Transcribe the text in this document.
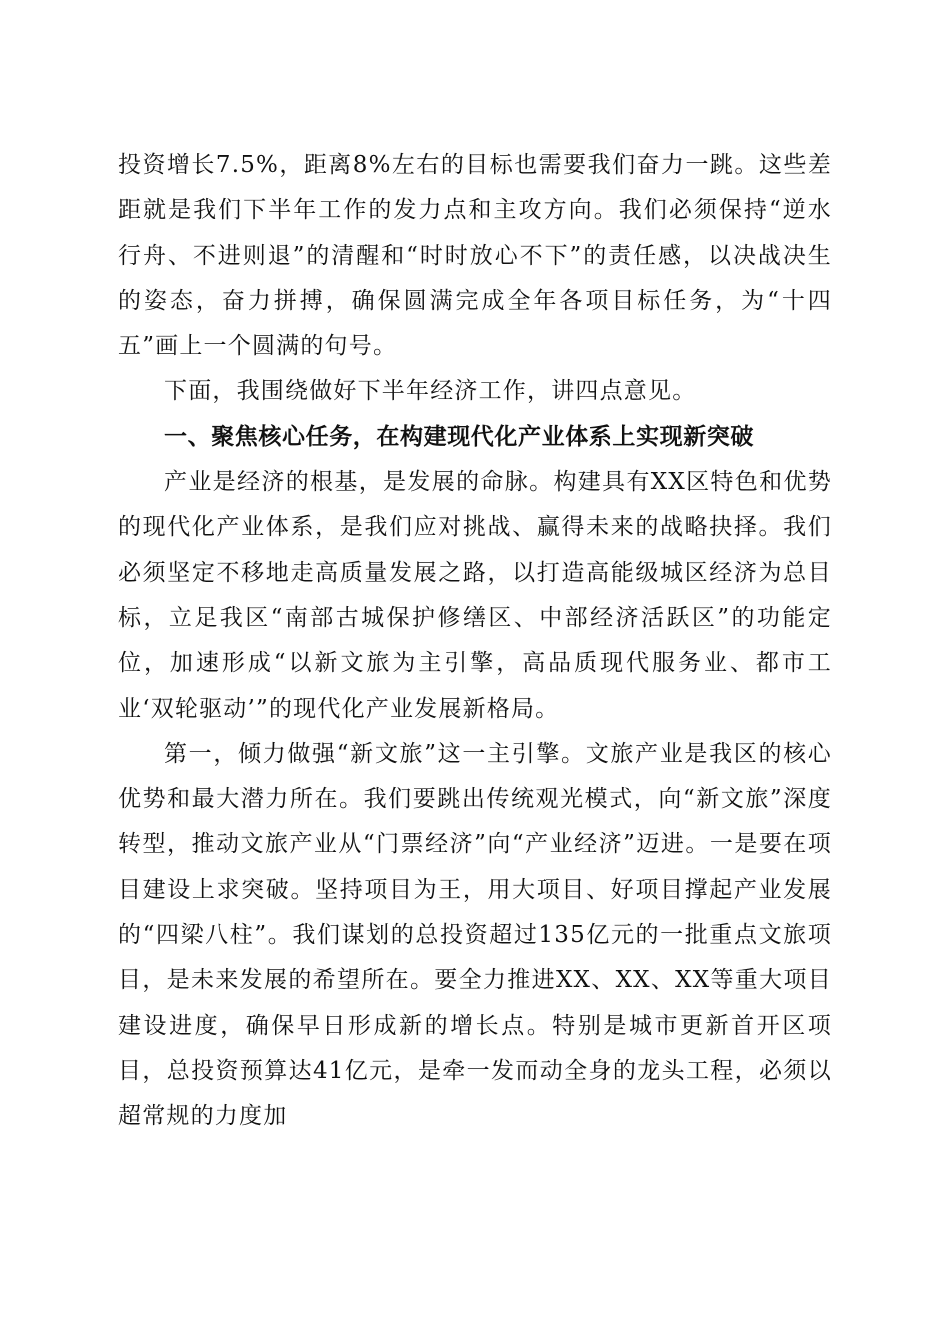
投资增长7.5%，距离8%左右的目标也需要我们奋力一跳。这些差距就是我们下半年工作的发力点和主攻方向。我们必须保持“逆水行舟、不进则退”的清醒和“时时放心不下”的责任感，以决战决生的姿态，奋力拼搏，确保圆满完成全年各项目标任务，为“十四五”画上一个圆满的句号。

下面，我围绕做好下半年经济工作，讲四点意见。

一、聚焦核心任务，在构建现代化产业体系上实现新突破

产业是经济的根基，是发展的命脉。构建具有XX区特色和优势的现代化产业体系，是我们应对挑战、赢得未来的战略抉择。我们必须坚定不移地走高质量发展之路，以打造高能级城区经济为总目标，立足我区“南部古城保护修缮区、中部经济活跃区”的功能定位，加速形成“以新文旅为主引擎，高品质现代服务业、都市工业‘双轮驱动’”的现代化产业发展新格局。

第一，倾力做强“新文旅”这一主引擎。文旅产业是我区的核心优势和最大潜力所在。我们要跳出传统观光模式，向“新文旅”深度转型，推动文旅产业从“门票经济”向“产业经济”迈进。一是要在项目建设上求突破。坚持项目为王，用大项目、好项目撑起产业发展的“四梁八柱”。我们谋划的总投资超过135亿元的一批重点文旅项目，是未来发展的希望所在。要全力推进XX、XX、XX等重大项目建设进度，确保早日形成新的增长点。特别是城市更新首开区项目，总投资预算达41亿元，是牵一发而动全身的龙头工程，必须以超常规的力度加
